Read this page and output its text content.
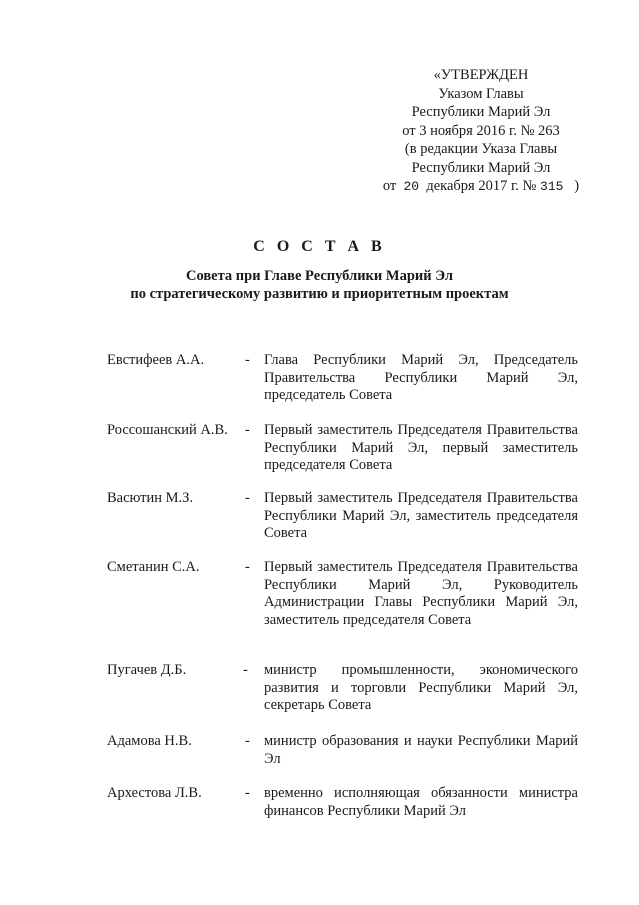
«УТВЕРЖДЕН
Указом Главы
Республики Марий Эл
от 3 ноября 2016 г. № 263
(в редакции Указа Главы
Республики Марий Эл
от 20 декабря 2017 г. № 315 )
С О С Т А В
Совета при Главе Республики Марий Эл
по стратегическому развитию и приоритетным проектам
Евстифеев А.А.	- Глава Республики Марий Эл, Председатель Правительства Республики Марий Эл, председатель Совета
Россошанский А.В. - Первый заместитель Председателя Правительства Республики Марий Эл, первый заместитель председателя Совета
Васютин М.З.	- Первый заместитель Председателя Правительства Республики Марий Эл, заместитель председателя Совета
Сметанин С.А.	- Первый заместитель Председателя Правительства Республики Марий Эл, Руководитель Администрации Главы Республики Марий Эл, заместитель председателя Совета
Пугачев Д.Б.	- министр промышленности, экономического развития и торговли Республики Марий Эл, секретарь Совета
Адамова Н.В.	- министр образования и науки Республики Марий Эл
Архестова Л.В.	- временно исполняющая обязанности министра финансов Республики Марий Эл
